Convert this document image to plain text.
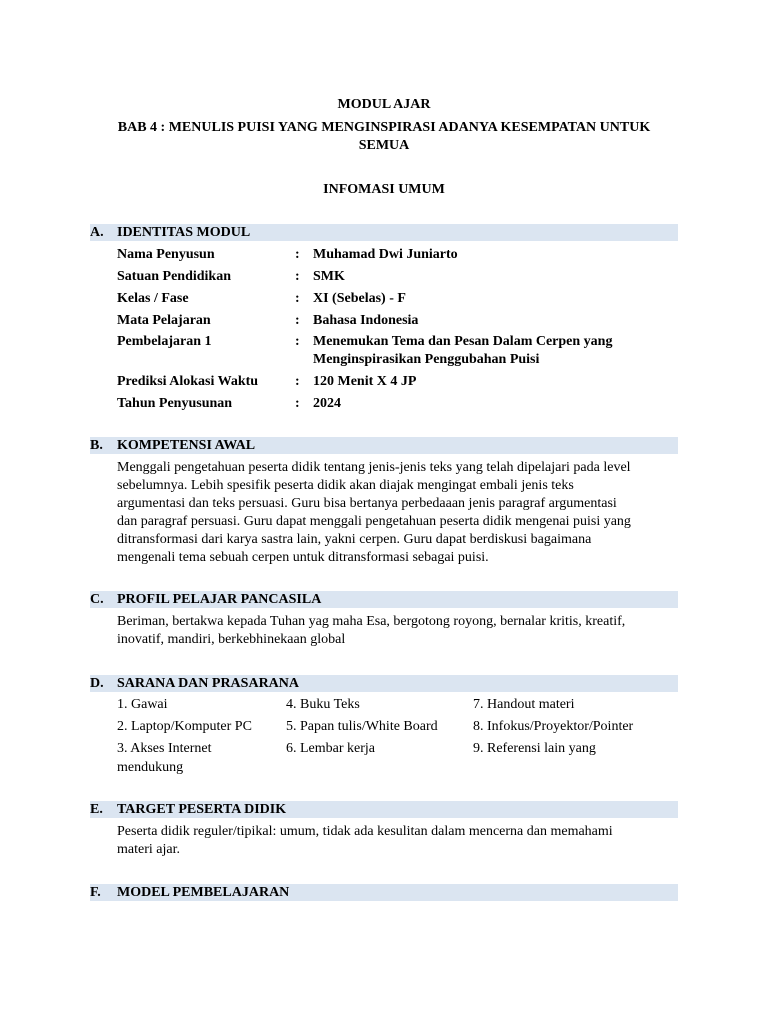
MODUL AJAR
BAB 4 : MENULIS PUISI YANG MENGINSPIRASI ADANYA KESEMPATAN UNTUK
SEMUA
INFOMASI UMUM
A. IDENTITAS MODUL
Nama Penyusun	: Muhamad Dwi Juniarto
Satuan Pendidikan	: SMK
Kelas / Fase	: XI (Sebelas) - F
Mata Pelajaran	: Bahasa Indonesia
Pembelajaran 1	: Menemukan Tema dan Pesan Dalam Cerpen yang Menginspirasikan Penggubahan Puisi
Prediksi Alokasi Waktu	: 120 Menit X 4 JP
Tahun Penyusunan	: 2024
B. KOMPETENSI AWAL
Menggali pengetahuan peserta didik tentang jenis-jenis teks yang telah dipelajari pada level
sebelumnya. Lebih spesifik peserta didik akan diajak mengingat embali jenis teks
argumentasi dan teks persuasi. Guru bisa bertanya perbedaaan jenis paragraf argumentasi
dan paragraf persuasi. Guru dapat menggali pengetahuan peserta didik mengenai puisi yang
ditransformasi dari karya sastra lain, yakni cerpen. Guru dapat berdiskusi bagaimana
mengenali tema sebuah cerpen untuk ditransformasi sebagai puisi.
C. PROFIL PELAJAR PANCASILA
Beriman, bertakwa kepada Tuhan yag maha Esa, bergotong royong, bernalar kritis, kreatif,
inovatif, mandiri, berkebhinekaan global
D. SARANA DAN PRASARANA
1. Gawai	4. Buku Teks	7. Handout materi
2. Laptop/Komputer PC 5. Papan tulis/White Board	8. Infokus/Proyektor/Pointer
3. Akses Internet	6. Lembar kerja	9. Referensi lain yang
mendukung
E. TARGET PESERTA DIDIK
Peserta didik reguler/tipikal: umum, tidak ada kesulitan dalam mencerna dan memahami
materi ajar.
F. MODEL PEMBELAJARAN
